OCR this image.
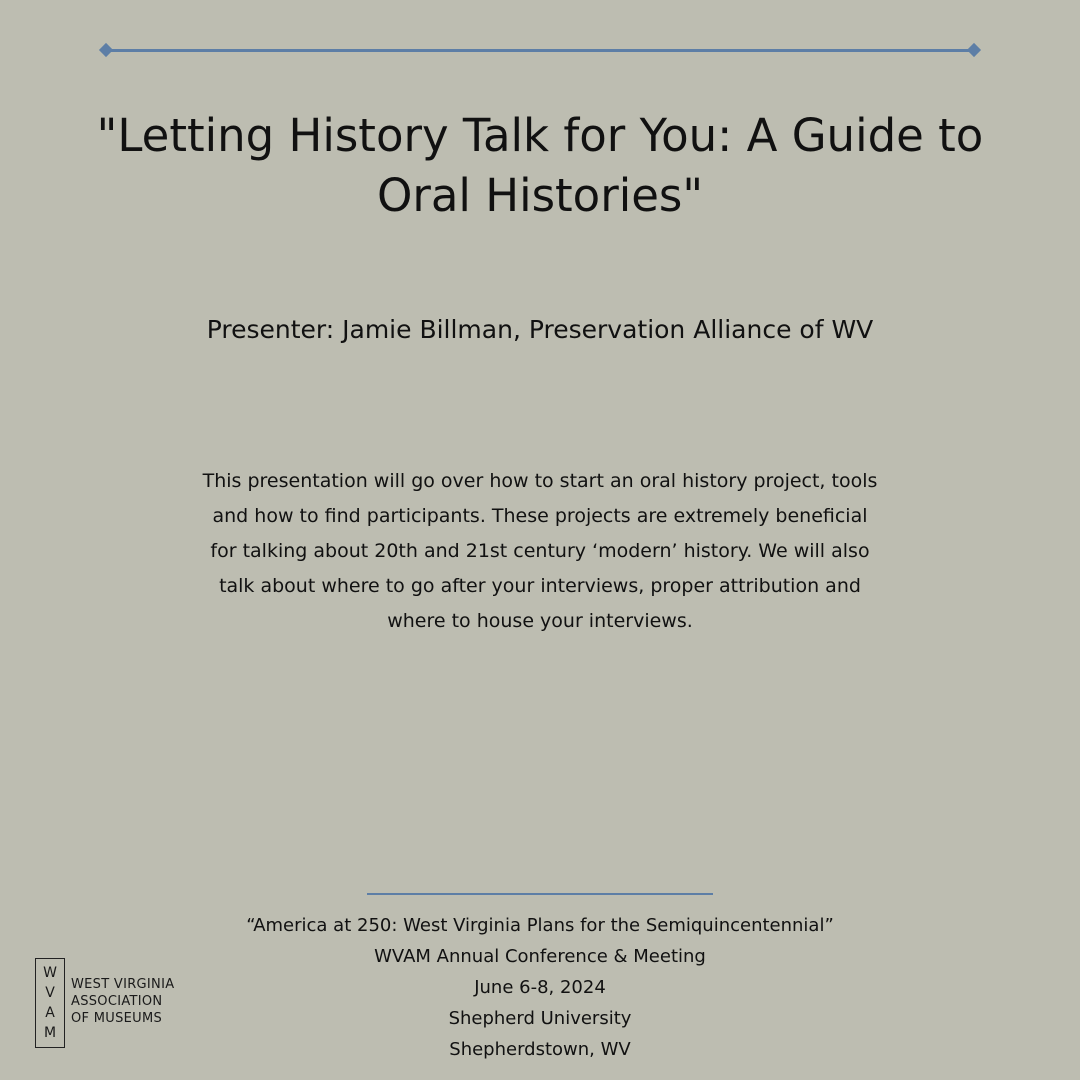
"Letting History Talk for You: A Guide to
Oral Histories"

Presenter: Jamie Billman, Preservation Alliance of WV

This presentation will go over how to start an oral history project, tools
and how to find participants. These projects are extremely beneficial
for talking about 20th and 21st century ‘modern’ history. We will also
talk about where to go after your interviews, proper attribution and
where to house your interviews.
“America at 250: West Virginia Plans for the Semiquincentennial”
WVAM Annual Conference & Meeting
June 6-8, 2024
Shepherd University
Shepherdstown, WV
W
V
A
M
WEST VIRGINIA
ASSOCIATION
OF MUSEUMS
